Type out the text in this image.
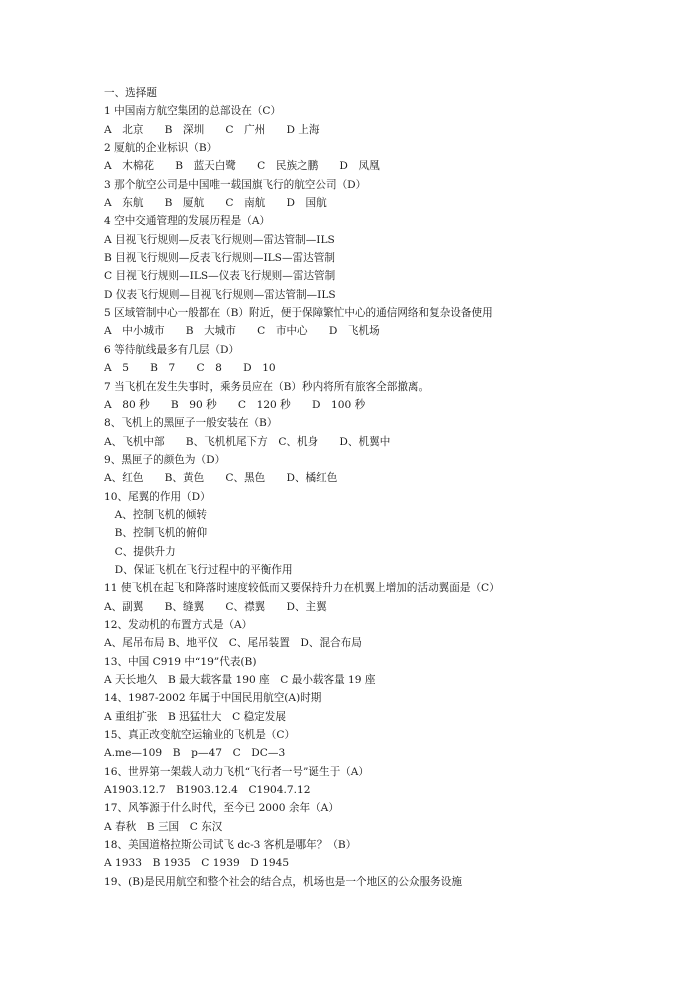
一、选择题
1 中国南方航空集团的总部设在（C）
A　北京　　B　深圳　　C　广州　　D 上海
2 厦航的企业标识（B）
A　木棉花　　B　蓝天白鹭　　C　民族之鹏　　D　凤凰
3 那个航空公司是中国唯一载国旗飞行的航空公司（D）
A　东航　　B　厦航　　C　南航　　D　国航
4 空中交通管理的发展历程是（A）
A 目视飞行规则—反表飞行规则—雷达管制—ILS
B 目视飞行规则—反表飞行规则—ILS—雷达管制
C 目视飞行规则—ILS—仪表飞行规则—雷达管制
D 仪表飞行规则—目视飞行规则—雷达管制—ILS
5 区域管制中心一般都在（B）附近，便于保障繁忙中心的通信网络和复杂设备使用
A　中小城市　　B　大城市　　C　市中心　　D　飞机场
6 等待航线最多有几层（D）
A　5　　B　7　　C　8　　D　10
7 当飞机在发生失事时，乘务员应在（B）秒内将所有旅客全部撤离。
A　80 秒　　B　90 秒　　C　120 秒　　D　100 秒
8、飞机上的黑匣子一般安装在（B）
A、飞机中部　　B、飞机机尾下方　C、机身　　D、机翼中
9、黑匣子的颜色为（D）
A、红色　　B、黄色　　C、黑色　　D、橘红色
10、尾翼的作用（D）
　A、控制飞机的倾转
　B、控制飞机的俯仰
　C、提供升力
　D、保证飞机在飞行过程中的平衡作用
11 使飞机在起飞和降落时速度较低而又要保持升力在机翼上增加的活动翼面是（C）
A、副翼　　B、缝翼　　C、襟翼　　D、主翼
12、发动机的布置方式是（A）
A、尾吊布局 B、地平仪　C、尾吊装置　D、混合布局
13、中国 C919 中“19”代表(B)
A 天长地久　B 最大载客量 190 座　C 最小载客量 19 座
14、1987-2002 年属于中国民用航空(A)时期
A 重组扩张　B 迅猛壮大　C 稳定发展
15、真正改变航空运输业的飞机是（C）
A.me—109　B　p—47　C　DC—3
16、世界第一架载人动力飞机“飞行者一号”诞生于（A）
A1903.12.7　B1903.12.4　C1904.7.12
17、风筝源于什么时代，至今已 2000 余年（A）
A 春秋　B 三国　C 东汉
18、美国道格拉斯公司试飞 dc-3 客机是哪年？（B）
A 1933　B 1935　C 1939　D 1945
19、(B)是民用航空和整个社会的结合点，机场也是一个地区的公众服务设施
